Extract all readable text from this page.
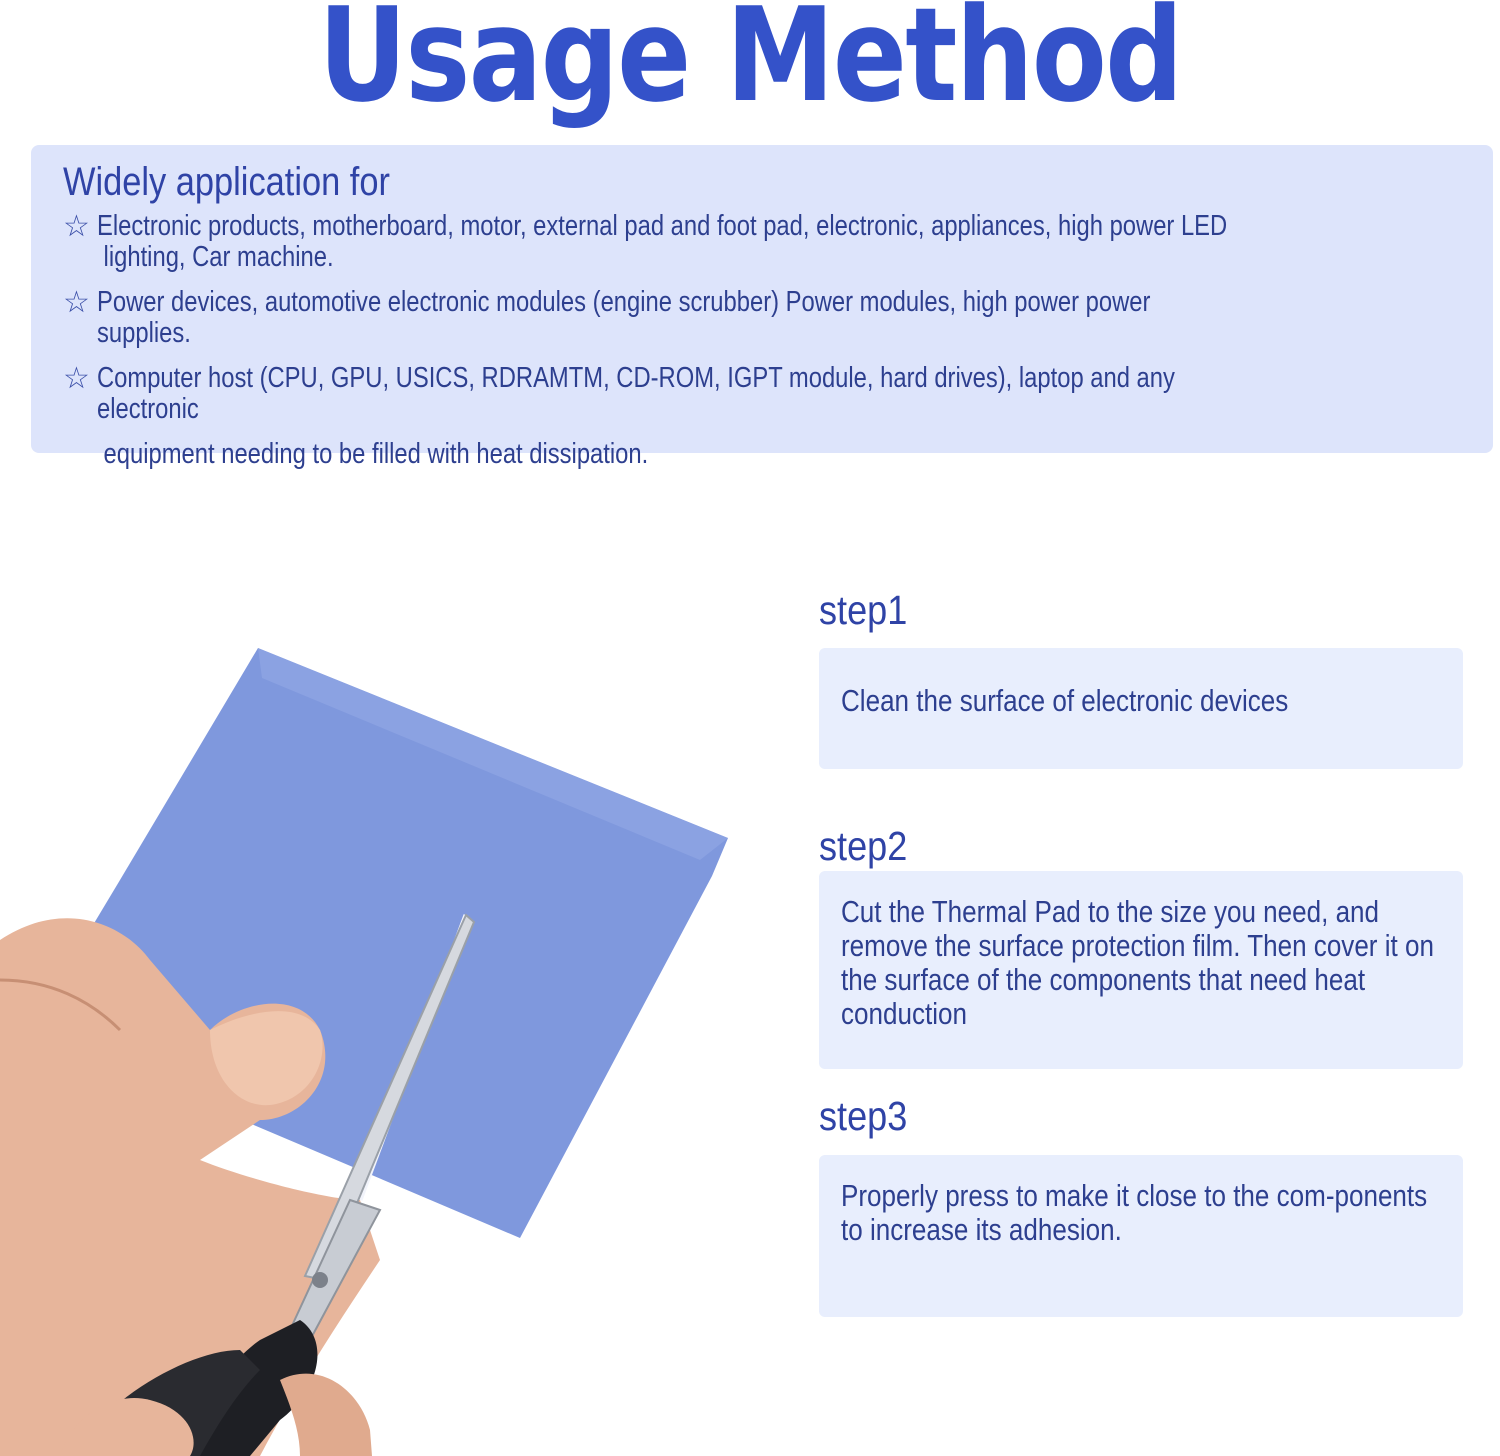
Usage Method
Widely application for
☆ Electronic products, motherboard, motor, external pad and foot pad, electronic, appliances, high power LED
lighting, Car machine.
☆ Power devices, automotive electronic modules (engine scrubber) Power modules, high power power supplies.
☆ Computer host (CPU, GPU, USICS, RDRAMTM, CD-ROM, IGPT module, hard drives), laptop and any electronic
equipment needing to be filled with heat dissipation.
step1
Clean the surface of electronic devices
step2
Cut the Thermal Pad to the size you need, and remove the surface protection film. Then cover it on the surface of the components that need heat conduction
step3
Properly press to make it close to the com-ponents to increase its adhesion.
